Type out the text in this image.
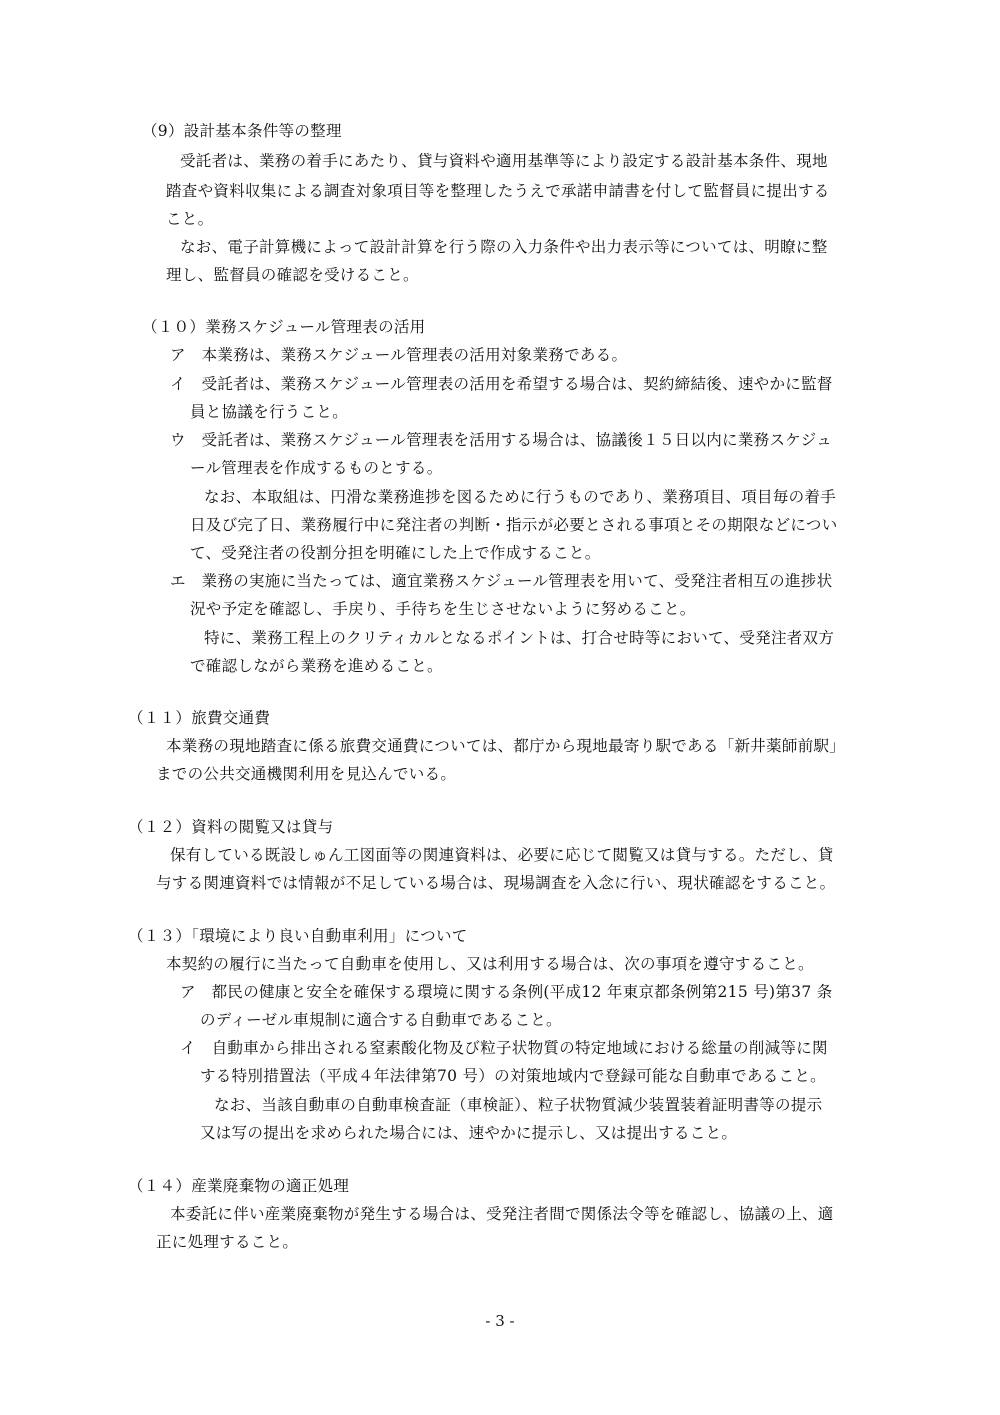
（9）設計基本条件等の整理
受託者は、業務の着手にあたり、貸与資料や適用基準等により設定する設計基本条件、現地
踏査や資料収集による調査対象項目等を整理したうえで承諾申請書を付して監督員に提出する
こと。
なお、電子計算機によって設計計算を行う際の入力条件や出力表示等については、明瞭に整
理し、監督員の確認を受けること。
（１０）業務スケジュール管理表の活用
ア　本業務は、業務スケジュール管理表の活用対象業務である。
イ　受託者は、業務スケジュール管理表の活用を希望する場合は、契約締結後、速やかに監督
員と協議を行うこと。
ウ　受託者は、業務スケジュール管理表を活用する場合は、協議後１５日以内に業務スケジュ
ール管理表を作成するものとする。
なお、本取組は、円滑な業務進捗を図るために行うものであり、業務項目、項目毎の着手
日及び完了日、業務履行中に発注者の判断・指示が必要とされる事項とその期限などについ
て、受発注者の役割分担を明確にした上で作成すること。
エ　業務の実施に当たっては、適宜業務スケジュール管理表を用いて、受発注者相互の進捗状
況や予定を確認し、手戻り、手待ちを生じさせないように努めること。
特に、業務工程上のクリティカルとなるポイントは、打合せ時等において、受発注者双方
で確認しながら業務を進めること。
（１１）旅費交通費
本業務の現地踏査に係る旅費交通費については、都庁から現地最寄り駅である「新井薬師前駅」
までの公共交通機関利用を見込んでいる。
（１２）資料の閲覧又は貸与
保有している既設しゅん工図面等の関連資料は、必要に応じて閲覧又は貸与する。ただし、貸
与する関連資料では情報が不足している場合は、現場調査を入念に行い、現状確認をすること。
（１３）「環境により良い自動車利用」について
本契約の履行に当たって自動車を使用し、又は利用する場合は、次の事項を遵守すること。
ア　都民の健康と安全を確保する環境に関する条例(平成12 年東京都条例第215 号)第37 条
のディーゼル車規制に適合する自動車であること。
イ　自動車から排出される窒素酸化物及び粒子状物質の特定地域における総量の削減等に関
する特別措置法（平成４年法律第70 号）の対策地域内で登録可能な自動車であること。
なお、当該自動車の自動車検査証（車検証）、粒子状物質減少装置装着証明書等の提示
又は写の提出を求められた場合には、速やかに提示し、又は提出すること。
（１４）産業廃棄物の適正処理
本委託に伴い産業廃棄物が発生する場合は、受発注者間で関係法令等を確認し、協議の上、適
正に処理すること。
- 3 -
